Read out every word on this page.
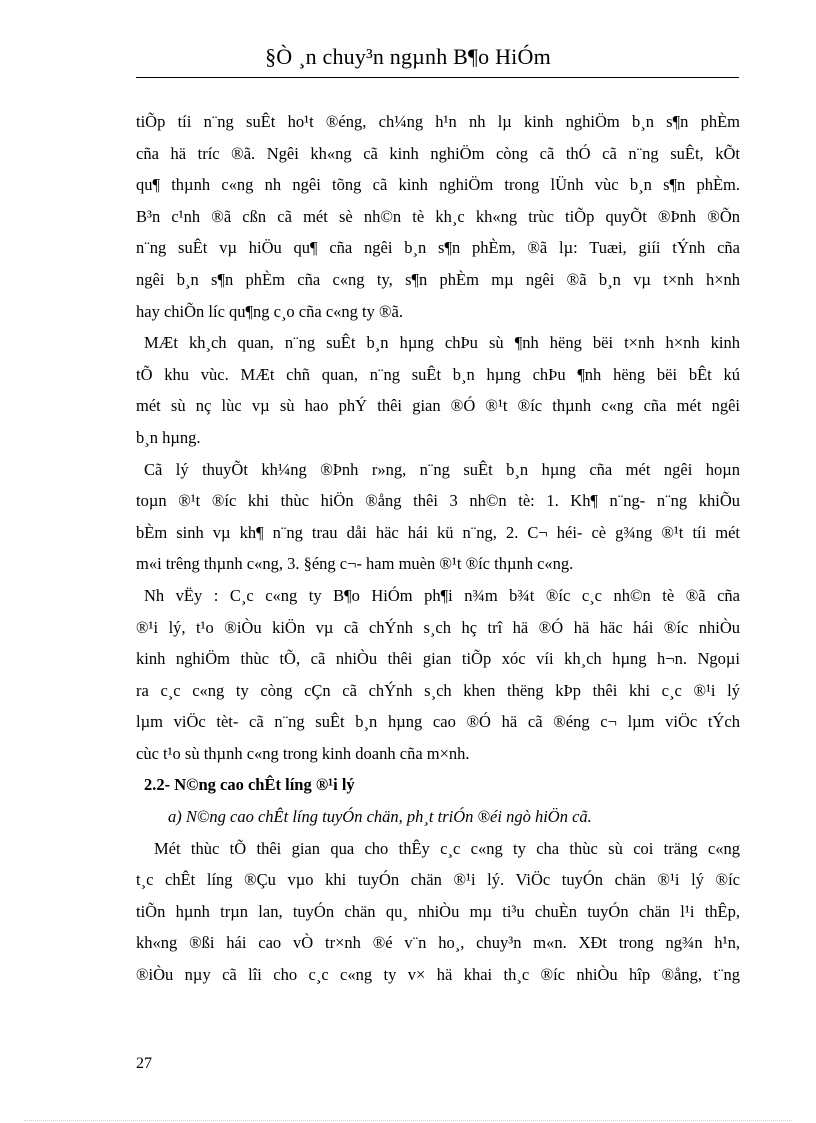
§Ò ¸n chuy³n ngµnh B¶o HiÓm
tiÕp tíi n¨ng suÊt ho¹t ®éng, ch¼ng h¹n nh lµ kinh nghiÖm b¸n s¶n phÈm
cña hä tríc ®ã. Ngêi kh«ng cã kinh nghiÖm còng cã thÓ cã n¨ng suÊt, kÕt
qu¶ thµnh c«ng nh ngêi tõng cã kinh nghiÖm trong lÜnh vùc b¸n s¶n phÈm.
B³n c¹nh ®ã cßn cã mét sè nh©n tè kh¸c kh«ng trùc tiÕp quyÕt ®Þnh ®Õn
n¨ng suÊt vµ hiÖu qu¶ cña ngêi b¸n s¶n phÈm, ®ã lµ: Tuæi, giíi tÝnh cña
ngêi b¸n s¶n phÈm cña c«ng ty, s¶n phÈm mµ ngêi ®ã b¸n vµ t×nh h×nh
hay chiÕn líc qu¶ng c¸o cña c«ng ty ®ã.
MÆt kh¸ch quan, n¨ng suÊt b¸n hµng chÞu sù ¶nh hëng bëi t×nh h×nh kinh
tÕ khu vùc. MÆt chñ quan, n¨ng suÊt b¸n hµng chÞu ¶nh hëng bëi bÊt kú
mét sù nç lùc vµ sù hao phÝ thêi gian ®Ó ®¹t ®íc thµnh c«ng cña mét ngêi
b¸n hµng.
Cã lý thuyÕt kh¼ng ®Þnh r»ng, n¨ng suÊt b¸n hµng cña mét ngêi hoµn
toµn ®¹t ®íc khi thùc hiÖn ®ång thêi 3 nh©n tè: 1. Kh¶ n¨ng- n¨ng khiÕu
bÈm sinh vµ kh¶ n¨ng trau dåi häc hái kü n¨ng, 2. C¬ héi- cè g¾ng ®¹t tíi mét
m«i trêng thµnh c«ng, 3. §éng c¬- ham muèn ®¹t ®íc thµnh c«ng.
Nh vËy : C¸c c«ng ty B¶o HiÓm ph¶i n¾m b¾t ®íc c¸c nh©n tè ®ã cña
®¹i lý, t¹o ®iÒu kiÖn vµ cã chÝnh s¸ch hç trî hä ®Ó hä häc hái ®íc nhiÒu
kinh nghiÖm thùc tÕ, cã nhiÒu thêi gian tiÕp xóc víi kh¸ch hµng h¬n. Ngoµi
ra c¸c c«ng ty còng cÇn cã chÝnh s¸ch khen thëng kÞp thêi khi c¸c ®¹i lý
lµm viÖc tèt- cã n¨ng suÊt b¸n hµng cao ®Ó hä cã ®éng c¬ lµm viÖc tÝch
cùc t¹o sù thµnh c«ng trong kinh doanh cña m×nh.
2.2- N©ng cao chÊt líng ®¹i lý
a) N©ng cao chÊt líng tuyÓn chän, ph¸t triÓn ®éi ngò hiÖn cã.
Mét thùc tÕ thêi gian qua cho thÊy c¸c c«ng ty cha thùc sù coi träng c«ng
t¸c chÊt líng ®Çu vµo khi tuyÓn chän ®¹i lý. ViÖc tuyÓn chän ®¹i lý ®íc
tiÕn hµnh trµn lan, tuyÓn chän qu¸ nhiÒu mµ ti³u chuÈn tuyÓn chän l¹i thÊp,
kh«ng ®ßi hái cao vÒ tr×nh ®é v¨n ho¸, chuy³n m«n. XÐt trong ng¾n h¹n,
®iÒu nµy cã lîi cho c¸c c«ng ty v× hä khai th¸c ®íc nhiÒu hîp ®ång, t¨ng
27
